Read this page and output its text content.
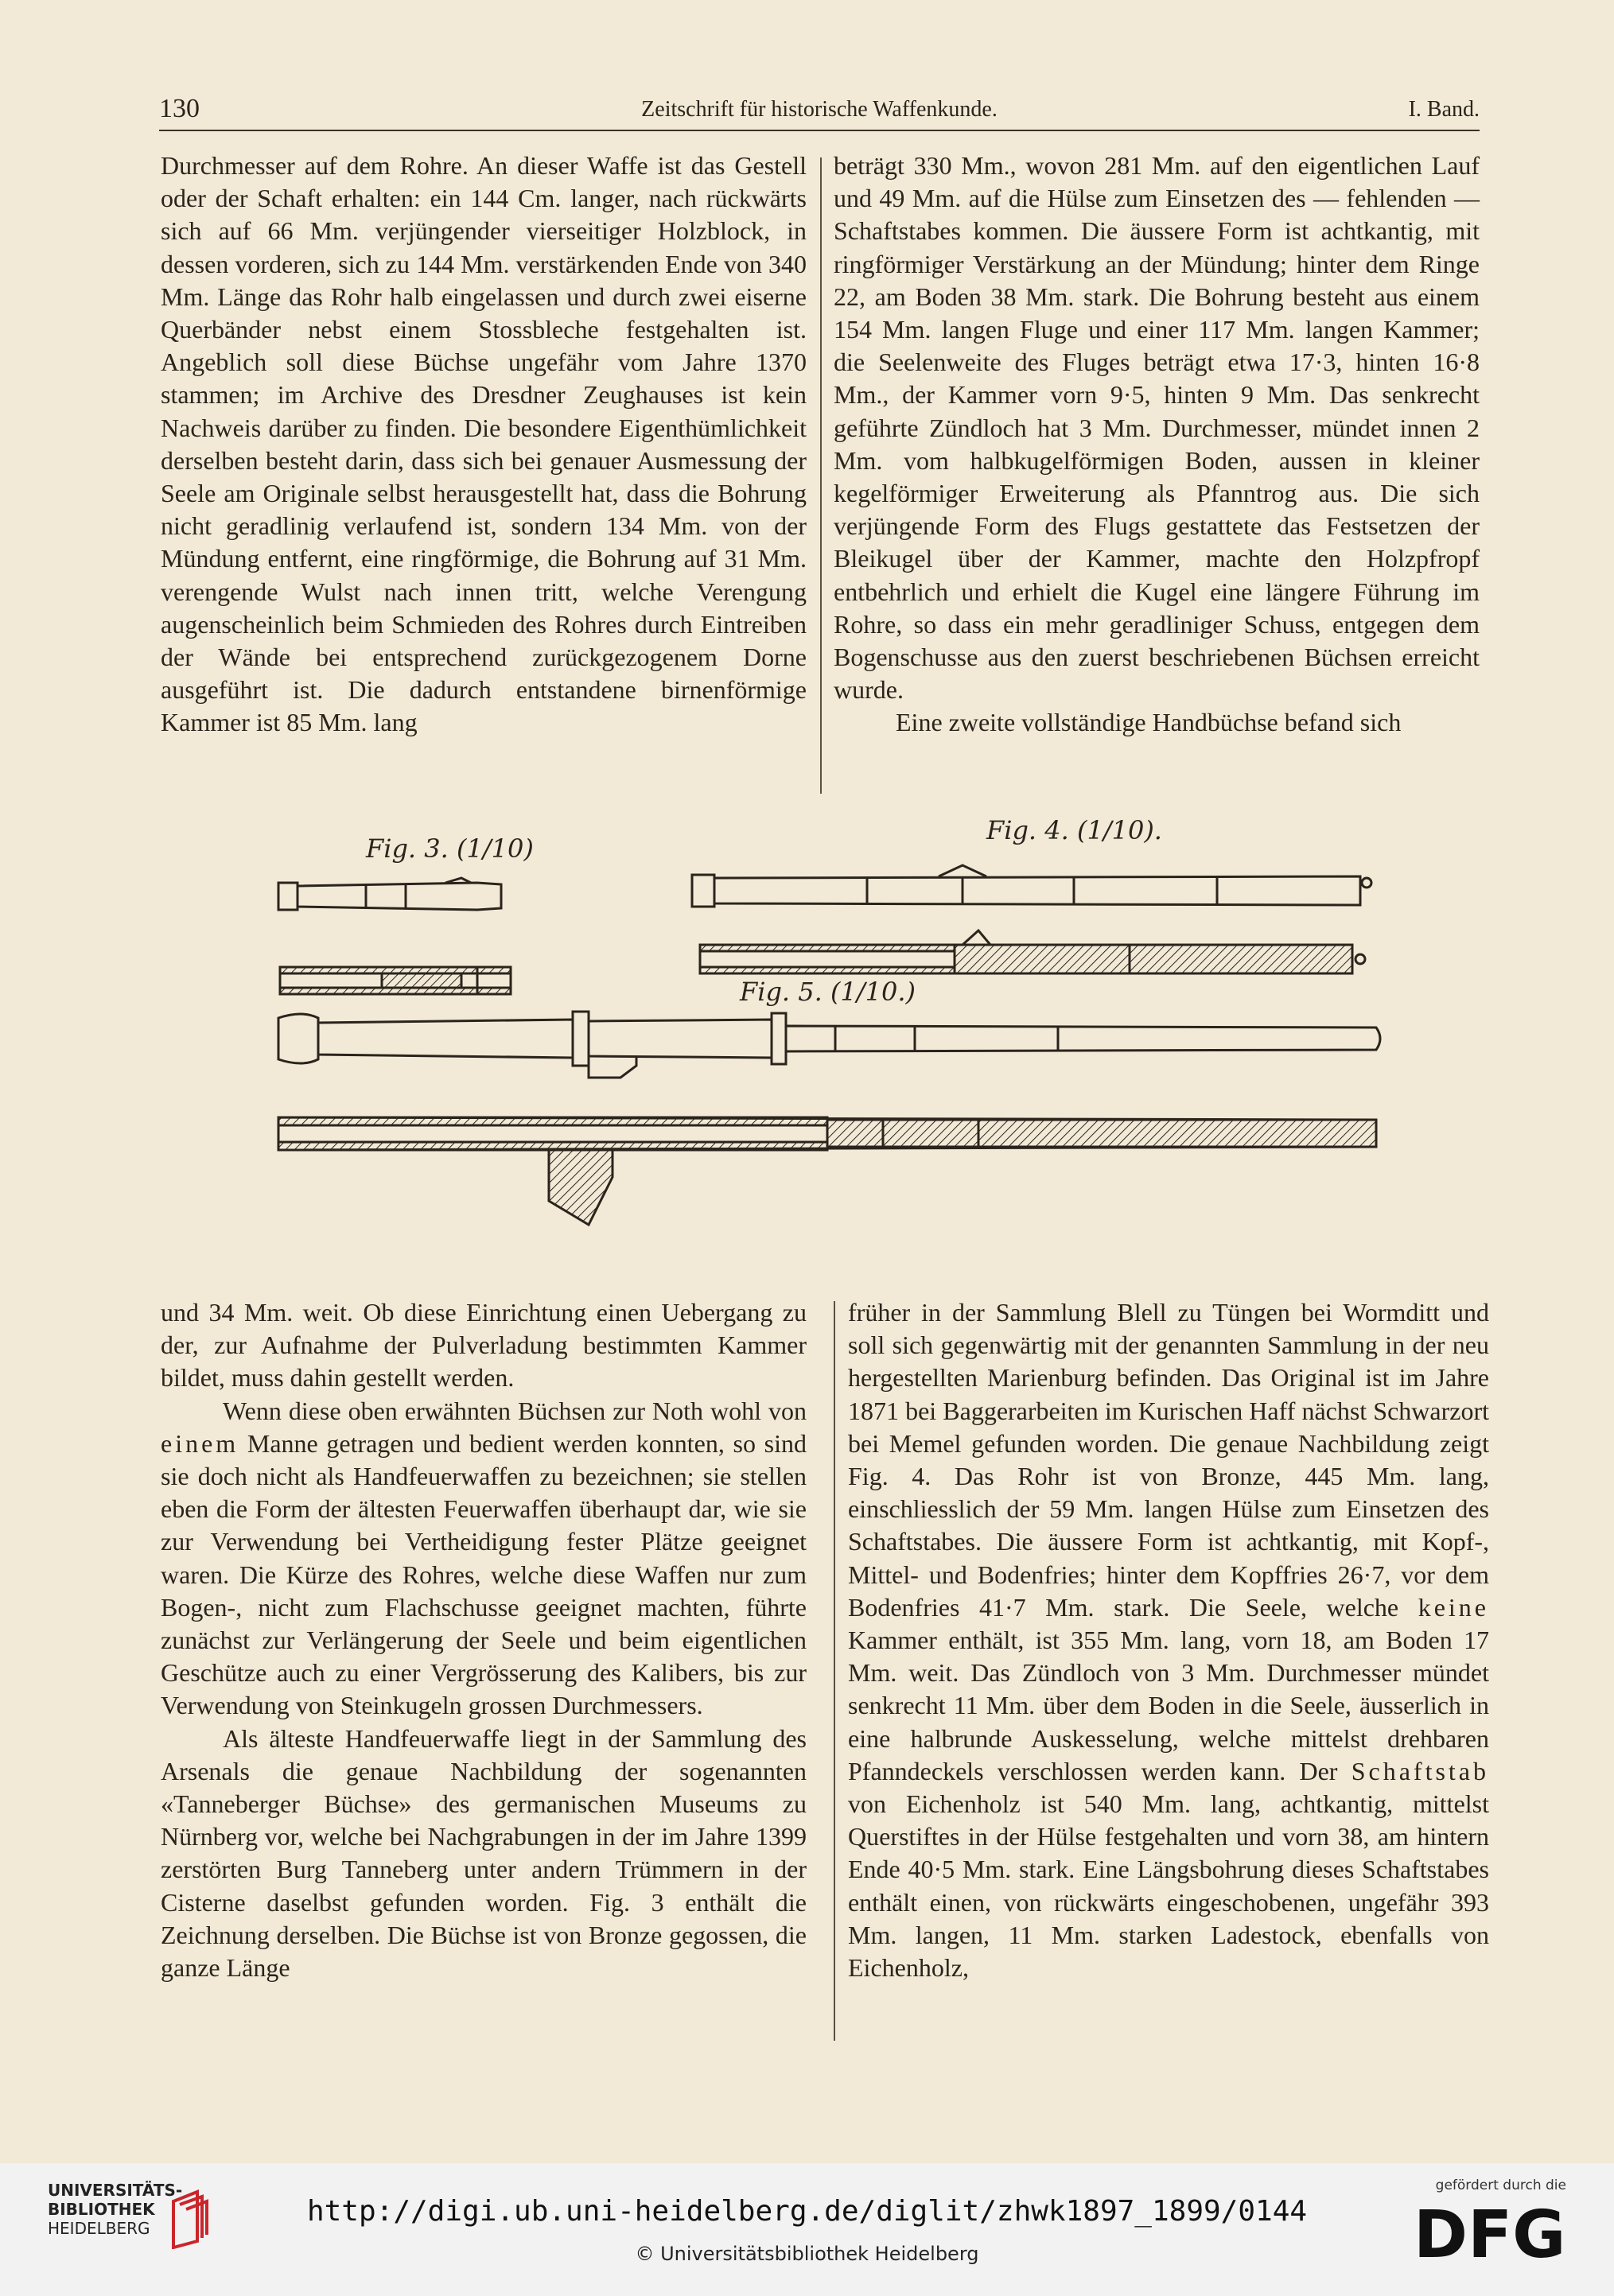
130	Zeitschrift für historische Waffenkunde.	I. Band.

Durchmesser auf dem Rohre. An dieser Waffe ist das Gestell oder der Schaft erhalten: ein 144 Cm. langer, nach rückwärts sich auf 66 Mm. verjüngender vierseitiger Holzblock, in dessen vorderen, sich zu 144 Mm. verstärkenden Ende von 340 Mm. Länge das Rohr halb eingelassen und durch zwei eiserne Querbänder nebst einem Stossbleche festgehalten ist. Angeblich soll diese Büchse ungefähr vom Jahre 1370 stammen; im Archive des Dresdner Zeughauses ist kein Nachweis darüber zu finden. Die besondere Eigenthümlichkeit derselben besteht darin, dass sich bei genauer Ausmessung der Seele am Originale selbst herausgestellt hat, dass die Bohrung nicht geradlinig verlaufend ist, sondern 134 Mm. von der Mündung entfernt, eine ringförmige, die Bohrung auf 31 Mm. verengende Wulst nach innen tritt, welche Verengung augenscheinlich beim Schmieden des Rohres durch Eintreiben der Wände bei entsprechend zurückgezogenem Dorne ausgeführt ist. Die dadurch entstandene birnenförmige Kammer ist 85 Mm. lang

beträgt 330 Mm., wovon 281 Mm. auf den eigentlichen Lauf und 49 Mm. auf die Hülse zum Einsetzen des — fehlenden — Schaftstabes kommen. Die äussere Form ist achtkantig, mit ringförmiger Verstärkung an der Mündung; hinter dem Ringe 22, am Boden 38 Mm. stark. Die Bohrung besteht aus einem 154 Mm. langen Fluge und einer 117 Mm. langen Kammer; die Seelenweite des Fluges beträgt etwa 17·3, hinten 16·8 Mm., der Kammer vorn 9·5, hinten 9 Mm. Das senkrecht geführte Zündloch hat 3 Mm. Durchmesser, mündet innen 2 Mm. vom halbkugelförmigen Boden, aussen in kleiner kegelförmiger Erweiterung als Pfanntrog aus. Die sich verjüngende Form des Flugs gestattete das Festsetzen der Bleikugel über der Kammer, machte den Holzpfropf entbehrlich und erhielt die Kugel eine längere Führung im Rohre, so dass ein mehr geradliniger Schuss, entgegen dem Bogenschusse aus den zuerst beschriebenen Büchsen erreicht wurde.

Eine zweite vollständige Handbüchse befand sich

Fig. 3. (1/10)
Fig. 4. (1/10).
Fig. 5. (1/10.)

und 34 Mm. weit. Ob diese Einrichtung einen Uebergang zu der, zur Aufnahme der Pulverladung bestimmten Kammer bildet, muss dahin gestellt werden.

Wenn diese oben erwähnten Büchsen zur Noth wohl von einem Manne getragen und bedient werden konnten, so sind sie doch nicht als Handfeuerwaffen zu bezeichnen; sie stellen eben die Form der ältesten Feuerwaffen überhaupt dar, wie sie zur Verwendung bei Vertheidigung fester Plätze geeignet waren. Die Kürze des Rohres, welche diese Waffen nur zum Bogen-, nicht zum Flachschusse geeignet machten, führte zunächst zur Verlängerung der Seele und beim eigentlichen Geschütze auch zu einer Vergrösserung des Kalibers, bis zur Verwendung von Steinkugeln grossen Durchmessers.

Als älteste Handfeuerwaffe liegt in der Sammlung des Arsenals die genaue Nachbildung der sogenannten «Tanneberger Büchse» des germanischen Museums zu Nürnberg vor, welche bei Nachgrabungen in der im Jahre 1399 zerstörten Burg Tanneberg unter andern Trümmern in der Cisterne daselbst gefunden worden. Fig. 3 enthält die Zeichnung derselben. Die Büchse ist von Bronze gegossen, die ganze Länge

früher in der Sammlung Blell zu Tüngen bei Wormditt und soll sich gegenwärtig mit der genannten Sammlung in der neu hergestellten Marienburg befinden. Das Original ist im Jahre 1871 bei Baggerarbeiten im Kurischen Haff nächst Schwarzort bei Memel gefunden worden. Die genaue Nachbildung zeigt Fig. 4. Das Rohr ist von Bronze, 445 Mm. lang, einschliesslich der 59 Mm. langen Hülse zum Einsetzen des Schaftstabes. Die äussere Form ist achtkantig, mit Kopf-, Mittel- und Bodenfries; hinter dem Kopffries 26·7, vor dem Bodenfries 41·7 Mm. stark. Die Seele, welche keine Kammer enthält, ist 355 Mm. lang, vorn 18, am Boden 17 Mm. weit. Das Zündloch von 3 Mm. Durchmesser mündet senkrecht 11 Mm. über dem Boden in die Seele, äusserlich in eine halbrunde Auskesselung, welche mittelst drehbaren Pfanndeckels verschlossen werden kann. Der Schaftstab von Eichenholz ist 540 Mm. lang, achtkantig, mittelst Querstiftes in der Hülse festgehalten und vorn 38, am hintern Ende 40·5 Mm. stark. Eine Längsbohrung dieses Schaftstabes enthält einen, von rückwärts eingeschobenen, ungefähr 393 Mm. langen, 11 Mm. starken Ladestock, ebenfalls von Eichenholz,

UNIVERSITÄTS-
BIBLIOTHEK
HEIDELBERG
http://digi.ub.uni-heidelberg.de/diglit/zhwk1897_1899/0144
© Universitätsbibliothek Heidelberg
gefördert durch die
DFG
